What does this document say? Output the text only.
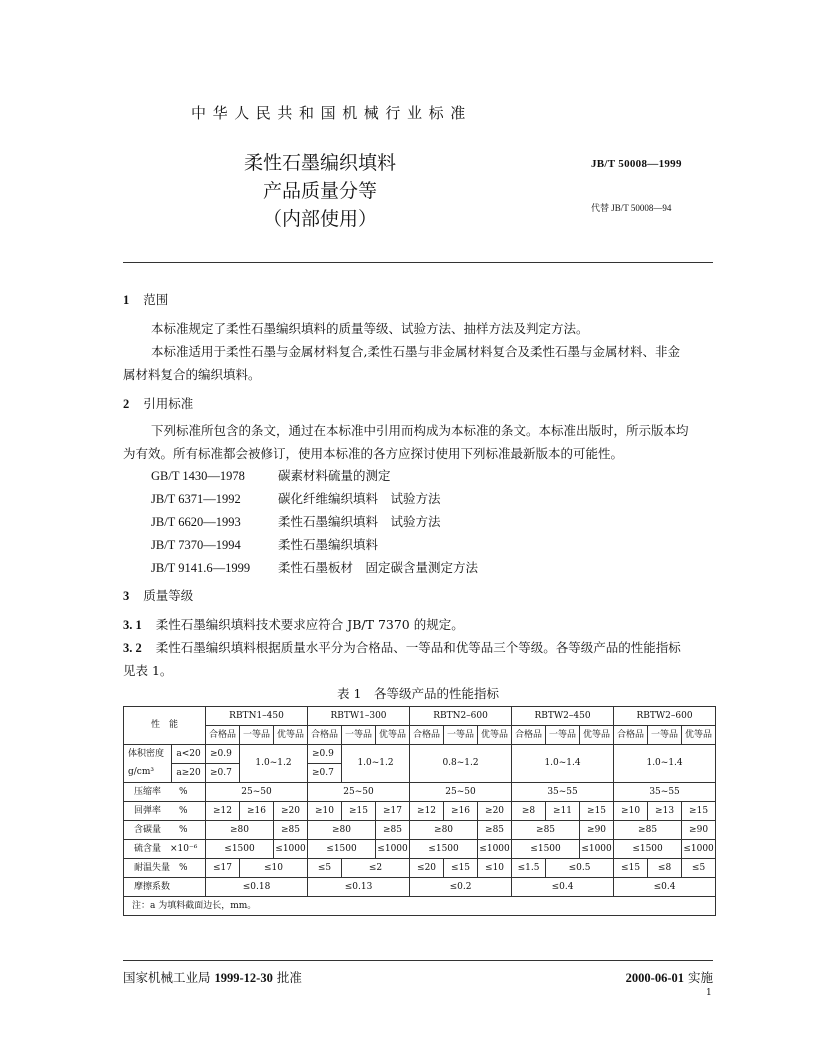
中华人民共和国机械行业标准
柔性石墨编织填料
产品质量分等
（内部使用）
JB/T 50008—1999
代替 JB/T 50008—94
1 范围
本标准规定了柔性石墨编织填料的质量等级、试验方法、抽样方法及判定方法。
本标准适用于柔性石墨与金属材料复合,柔性石墨与非金属材料复合及柔性石墨与金属材料、非金
属材料复合的编织填料。
2 引用标准
下列标准所包含的条文，通过在本标准中引用而构成为本标准的条文。本标准出版时，所示版本均
为有效。所有标准都会被修订，使用本标准的各方应探讨使用下列标准最新版本的可能性。
GB/T 1430—1978	碳素材料硫量的测定
JB/T 6371—1992	碳化纤维编织填料　试验方法
JB/T 6620—1993	柔性石墨编织填料　试验方法
JB/T 7370—1994	柔性石墨编织填料
JB/T 9141.6—1999 柔性石墨板材　固定碳含量测定方法
3 质量等级
3. 1 柔性石墨编织填料技术要求应符合 JB/T 7370 的规定。
3. 2 柔性石墨编织填料根据质量水平分为合格品、一等品和优等品三个等级。各等级产品的性能指标
见表 1。
表 1　各等级产品的性能指标
性　能		RBTN1–450			RBTW1–300			RBTN2–600			RBTW2–450			RBTW2–600		
		合格品	一等品	优等品	合格品	一等品	优等品	合格品	一等品	优等品	合格品	一等品	优等品	合格品	一等品	优等品
体积密度	a<20	≥0.9	1.0~1.2		≥0.9	1.0~1.2		0.8~1.2			1.0~1.4			1.0~1.4		
g/cm³	a≥20	≥0.7			≥0.7											
压缩率　　%		25~50			25~50			25~50			35~55			35~55		
回弹率　　%		≥12	≥16	≥20	≥10	≥15	≥17	≥12	≥16	≥20	≥8	≥11	≥15	≥10	≥13	≥15
含碳量　　%		≥80		≥85	≥80		≥85	≥80		≥85	≥85		≥90	≥85		≥90
硫含量　×10⁻⁶		≤1500		≤1000	≤1500		≤1000	≤1500		≤1000	≤1500		≤1000	≤1500		≤1000
耐温失量　%		≤17	≤10		≤5	≤2		≤20	≤15	≤10	≤1.5	≤0.5		≤15	≤8	≤5
摩擦系数		≤0.18			≤0.13			≤0.2			≤0.4			≤0.4		
注：a 为填料截面边长，mm。																
国家机械工业局 1999-12-30 批准	2000-06-01 实施
1
